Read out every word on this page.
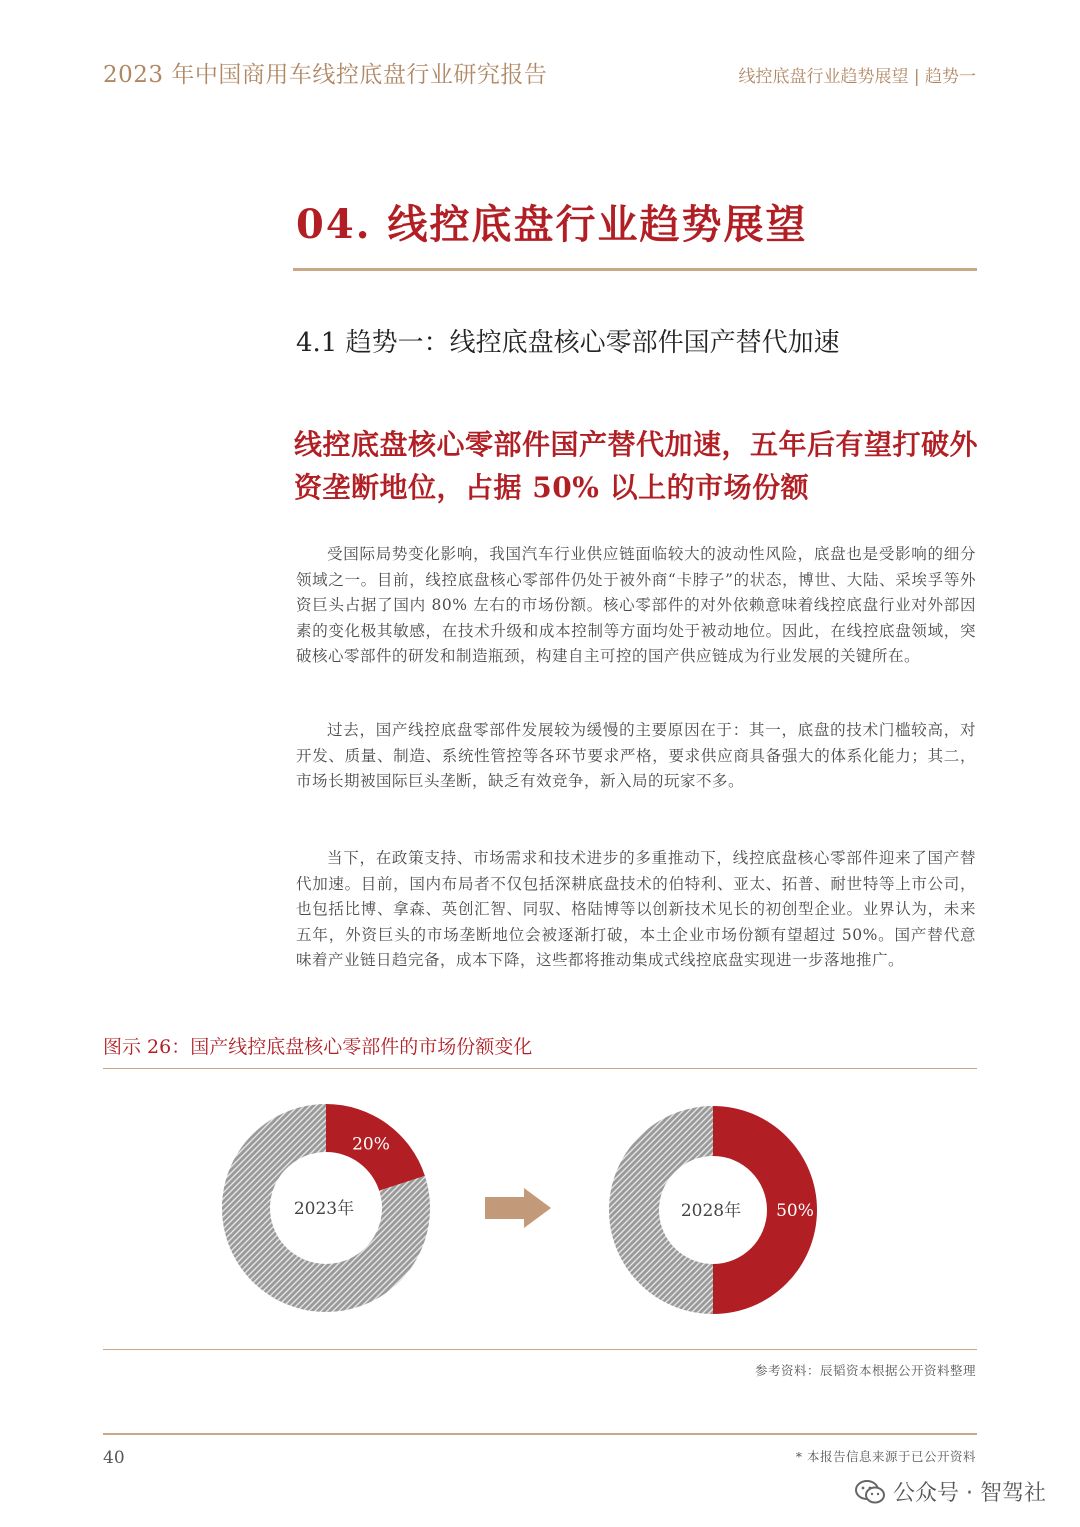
2023 年中国商用车线控底盘行业研究报告	线控底盘行业趋势展望 | 趋势一
04. 线控底盘行业趋势展望
4.1 趋势一：线控底盘核心零部件国产替代加速
线控底盘核心零部件国产替代加速，五年后有望打破外资垄断地位，占据 50% 以上的市场份额
受国际局势变化影响，我国汽车行业供应链面临较大的波动性风险，底盘也是受影响的细分领域之一。目前，线控底盘核心零部件仍处于被外商“卡脖子”的状态，博世、大陆、采埃孚等外资巨头占据了国内 80% 左右的市场份额。核心零部件的对外依赖意味着线控底盘行业对外部因素的变化极其敏感，在技术升级和成本控制等方面均处于被动地位。因此，在线控底盘领域，突破核心零部件的研发和制造瓶颈，构建自主可控的国产供应链成为行业发展的关键所在。
过去，国产线控底盘零部件发展较为缓慢的主要原因在于：其一，底盘的技术门槛较高，对开发、质量、制造、系统性管控等各环节要求严格，要求供应商具备强大的体系化能力；其二，市场长期被国际巨头垄断，缺乏有效竞争，新入局的玩家不多。
当下，在政策支持、市场需求和技术进步的多重推动下，线控底盘核心零部件迎来了国产替代加速。目前，国内布局者不仅包括深耕底盘技术的伯特利、亚太、拓普、耐世特等上市公司，也包括比博、拿森、英创汇智、同驭、格陆博等以创新技术见长的初创型企业。业界认为，未来五年，外资巨头的市场垄断地位会被逐渐打破，本土企业市场份额有望超过 50%。国产替代意味着产业链日趋完备，成本下降，这些都将推动集成式线控底盘实现进一步落地推广。
图示 26：国产线控底盘核心零部件的市场份额变化
20%
2023年	50%
2028年
参考资料：辰韬资本根据公开资料整理
40	* 本报告信息来源于已公开资料
公众号 · 智驾社
